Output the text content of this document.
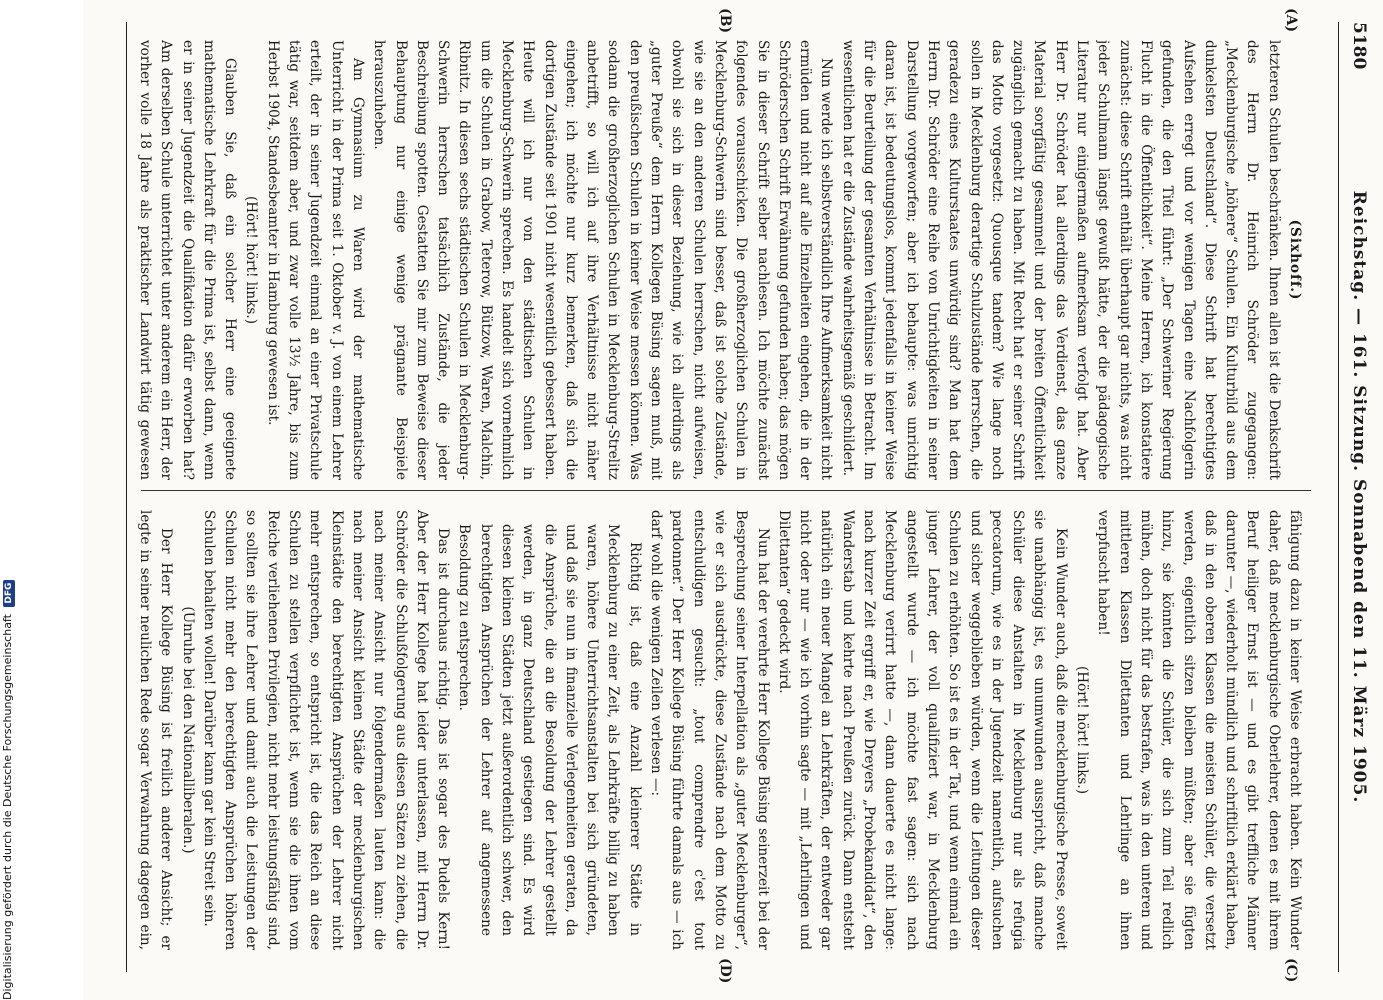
5180
Reichstag. — 161. Sitzung. Sonnabend den 11. März 1905.
(A)
(B)
(C)
(D)

(Sixhoff.)

letzteren Schulen beschränken. Ihnen allen ist die Denkschrift des Herrn Dr. Heinrich Schröder zugegangen: „Mecklenburgische „höhere“ Schulen. Ein Kulturbild aus dem dunkelsten Deutschland“. Diese Schrift hat berechtigtes Aufsehen erregt und vor wenigen Tagen eine Nachfolgerin gefunden, die den Titel führt: „Der Schweriner Regierung Flucht in die Öffentlichkeit“. Meine Herren, ich konstatiere zunächst: diese Schrift enthält überhaupt gar nichts, was nicht jeder Schulmann längst gewußt hätte, der die pädagogische Literatur nur einigermaßen aufmerksam verfolgt hat. Aber Herr Dr. Schröder hat allerdings das Verdienst, das ganze Material sorgfältig gesammelt und der breiten Öffentlichkeit zugänglich gemacht zu haben. Mit Recht hat er seiner Schrift das Motto vorgesetzt: Quousque tandem? Wie lange noch sollen in Mecklenburg derartige Schulzustände herrschen, die geradezu eines Kulturstaates unwürdig sind? Man hat dem Herrn Dr. Schröder eine Reihe von Unrichtigkeiten in seiner Darstellung vorgeworfen; aber ich behaupte: was unrichtig daran ist, ist bedeutungslos, kommt jedenfalls in keiner Weise für die Beurteilung der gesamten Verhältnisse in Betracht. Im wesentlichen hat er die Zustände wahrheitsgemäß geschildert.

Nun werde ich selbstverständlich Ihre Aufmerksamkeit nicht ermüden und nicht auf alle Einzelheiten eingehen, die in der Schröderschen Schrift Erwähnung gefunden haben; das mögen Sie in dieser Schrift selber nachlesen. Ich möchte zunächst folgendes vorausschicken. Die großherzoglichen Schulen in Mecklenburg-Schwerin sind besser, daß ist solche Zustände, wie sie an den anderen Schulen herrschen, nicht aufweisen, obwohl sie sich in dieser Beziehung, wie ich allerdings als „guter Preuße“ dem Herrn Kollegen Büsing sagen muß, mit den preußischen Schulen in keiner Weise messen können. Was sodann die großherzoglichen Schulen in Mecklenburg-Strelitz anbetrifft, so will ich auf ihre Verhältnisse nicht näher eingehen; ich möchte nur kurz bemerken, daß sich die dortigen Zustände seit 1901 nicht wesentlich gebessert haben. Heute will ich nur von den städtischen Schulen in Mecklenburg-Schwerin sprechen. Es handelt sich vornehmlich um die Schulen in Grabow, Teterow, Bützow, Waren, Malchin, Ribnitz. In diesen sechs städtischen Schulen in Mecklenburg-Schwerin herrschen tatsächlich Zustände, die jeder Beschreibung spotten. Gestatten Sie mir zum Beweise dieser Behauptung nur einige wenige prägnante Beispiele herauszuheben.

Am Gymnasium zu Waren wird der mathematische Unterricht in der Prima seit 1. Oktober v. J. von einem Lehrer erteilt, der in seiner Jugendzeit einmal an einer Privatschule tätig war, seitdem aber, und zwar volle 13½ Jahre, bis zum Herbst 1904, Standesbeamter in Hamburg gewesen ist.

(Hört! hört! links.)

Glauben Sie, daß ein solcher Herr eine geeignete mathematische Lehrkraft für die Prima ist, selbst dann, wenn er in seiner Jugendzeit die Qualifikation dafür erworben hat? Am derselben Schule unterrichtet unter anderem ein Herr, der vorher volle 18 Jahre als praktischer Landwirt tätig gewesen

fähigung dazu in keiner Weise erbracht haben. Kein Wunder daher, daß mecklenburgische Oberlehrer, denen es mit ihrem Beruf heiliger Ernst ist — und es gibt treffliche Männer darunter —, wiederholt mündlich und schriftlich erklärt haben, daß in den oberen Klassen die meisten Schüler, die versetzt werden, eigentlich sitzen bleiben müßten; aber sie fügten hinzu, sie könnten die Schüler, die sich zum Teil redlich mühen, doch nicht für das bestrafen, was in den unteren und mittleren Klassen Dilettanten und Lehrlinge an ihnen verpfuscht haben!

(Hört! hört! links.)

Kein Wunder auch, daß die mecklenburgische Presse, soweit sie unabhängig ist, es unumwunden ausspricht, daß manche Schüler diese Anstalten in Mecklenburg nur als refugia peccatorum, wie es in der Jugendzeit namentlich, aufsuchen und sicher weggeblieben würden, wenn die Leitungen dieser Schulen zu erhöhten. So ist es in der Tat, und wenn einmal ein junger Lehrer, der voll qualifiziert war, in Mecklenburg angestellt wurde — ich möchte fast sagen: sich nach Mecklenburg verirrt hatte —, dann dauerte es nicht lange: nach kurzer Zeit ergriff er, wie Dreyers „Probekandidat“, den Wanderstab und kehrte nach Preußen zurück. Dann entsteht natürlich ein neuer Mangel an Lehrkräften, der entweder gar nicht oder nur — wie ich vorhin sagte — mit „Lehrlingen und Dilettanten“ gedeckt wird.

Nun hat der verehrte Herr Kollege Büsing seinerzeit bei der Besprechung seiner Interpellation als „guter Mecklenburger“, wie er sich ausdrückte, diese Zustände nach dem Motto zu entschuldigen gesucht: „tout comprendre c'est tout pardonner.“ Der Herr Kollege Büsing führte damals aus — ich darf wohl die wenigen Zeilen verlesen —:

Richtig ist, daß eine Anzahl kleinerer Städte in Mecklenburg zu einer Zeit, als Lehrkräfte billig zu haben waren, höhere Unterrichtsanstalten bei sich gründeten, und daß sie nun in finanzielle Verlegenheiten geraten, da die Ansprüche, die an die Besoldung der Lehrer gestellt werden, in ganz Deutschland gestiegen sind. Es wird diesen kleinen Städten jetzt außerordentlich schwer, den berechtigten Ansprüchen der Lehrer auf angemessene Besoldung zu entsprechen.

Das ist durchaus richtig. Das ist sogar des Pudels Kern! Aber der Herr Kollege hat leider unterlassen, mit Herrn Dr. Schröder die Schlußfolgerung aus diesen Sätzen zu ziehen, die nach meiner Ansicht nur folgendermaßen lauten kann: die nach meiner Ansicht kleinen Städte der mecklenburgischen Kleinstädte den berechtigten Ansprüchen der Lehrer nicht mehr entsprechen, so entspricht ist, die das Reich an diese Schulen zu stellen verpflichtet ist, wenn sie die ihnen vom Reiche verliehenen Privilegien, nicht mehr leistungsfähig sind, so sollten sie ihre Lehrer und damit auch die Leistungen der Schulen nicht mehr den berechtigten Ansprüchen höheren Schulen behalten wollen! Darüber kann gar kein Streit sein.

(Unruhe bei den Nationalliberalen.)

Der Herr Kollege Büsing ist freilich anderer Ansicht; er legte in seiner neulichen Rede sogar Verwahrung dagegen ein,

Digitalisierung gefördert durch die Deutsche Forschungsgemeinschaft DFG
